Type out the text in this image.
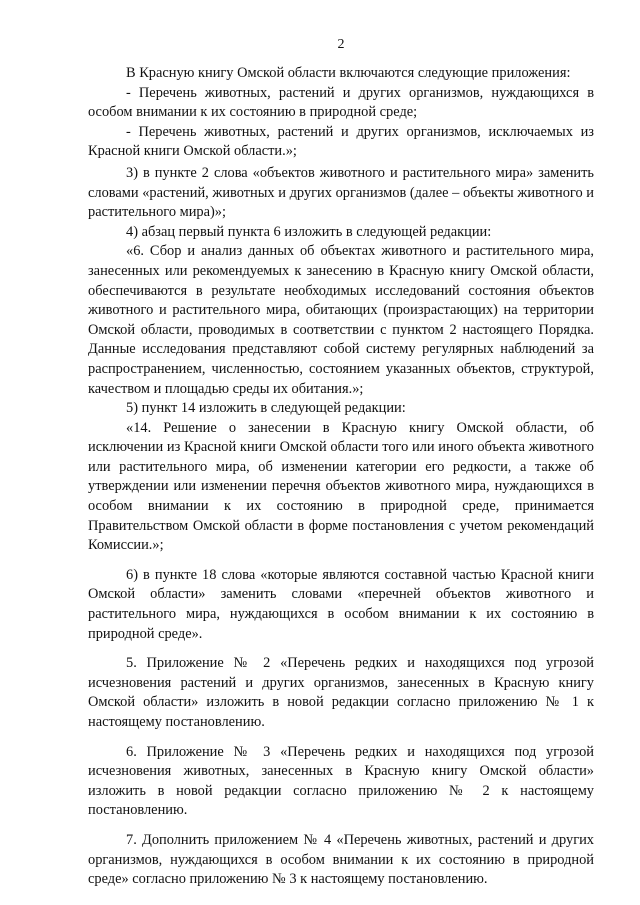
2

В Красную книгу Омской области включаются следующие приложения:

- Перечень животных, растений и других организмов, нуждающихся в особом внимании к их состоянию в природной среде;

- Перечень животных, растений и других организмов, исключаемых из Красной книги Омской области.»;

3) в пункте 2 слова «объектов животного и растительного мира» заменить словами «растений, животных и других организмов (далее – объекты животного и растительного мира)»;

4) абзац первый пункта 6 изложить в следующей редакции:

«6. Сбор и анализ данных об объектах животного и растительного мира, занесенных или рекомендуемых к занесению в Красную книгу Омской области, обеспечиваются в результате необходимых исследований состояния объектов животного и растительного мира, обитающих (произрастающих) на территории Омской области, проводимых в соответствии с пунктом 2 настоящего Порядка. Данные исследования представляют собой систему регулярных наблюдений за распространением, численностью, состоянием указанных объектов, структурой, качеством и площадью среды их обитания.»;

5) пункт 14 изложить в следующей редакции:

«14. Решение о занесении в Красную книгу Омской области, об исключении из Красной книги Омской области того или иного объекта животного или растительного мира, об изменении категории его редкости, а также об утверждении или изменении перечня объектов животного мира, нуждающихся в особом внимании к их состоянию в природной среде, принимается Правительством Омской области в форме постановления с учетом рекомендаций Комиссии.»;

6) в пункте 18 слова «которые являются составной частью Красной книги Омской области» заменить словами «перечней объектов животного и растительного мира, нуждающихся в особом внимании к их состоянию в природной среде».

5. Приложение № 2 «Перечень редких и находящихся под угрозой исчезновения растений и других организмов, занесенных в Красную книгу Омской области» изложить в новой редакции согласно приложению № 1 к настоящему постановлению.

6. Приложение № 3 «Перечень редких и находящихся под угрозой исчезновения животных, занесенных в Красную книгу Омской области» изложить в новой редакции согласно приложению № 2 к настоящему постановлению.

7. Дополнить приложением № 4 «Перечень животных, растений и других организмов, нуждающихся в особом внимании к их состоянию в природной среде» согласно приложению № 3 к настоящему постановлению.
